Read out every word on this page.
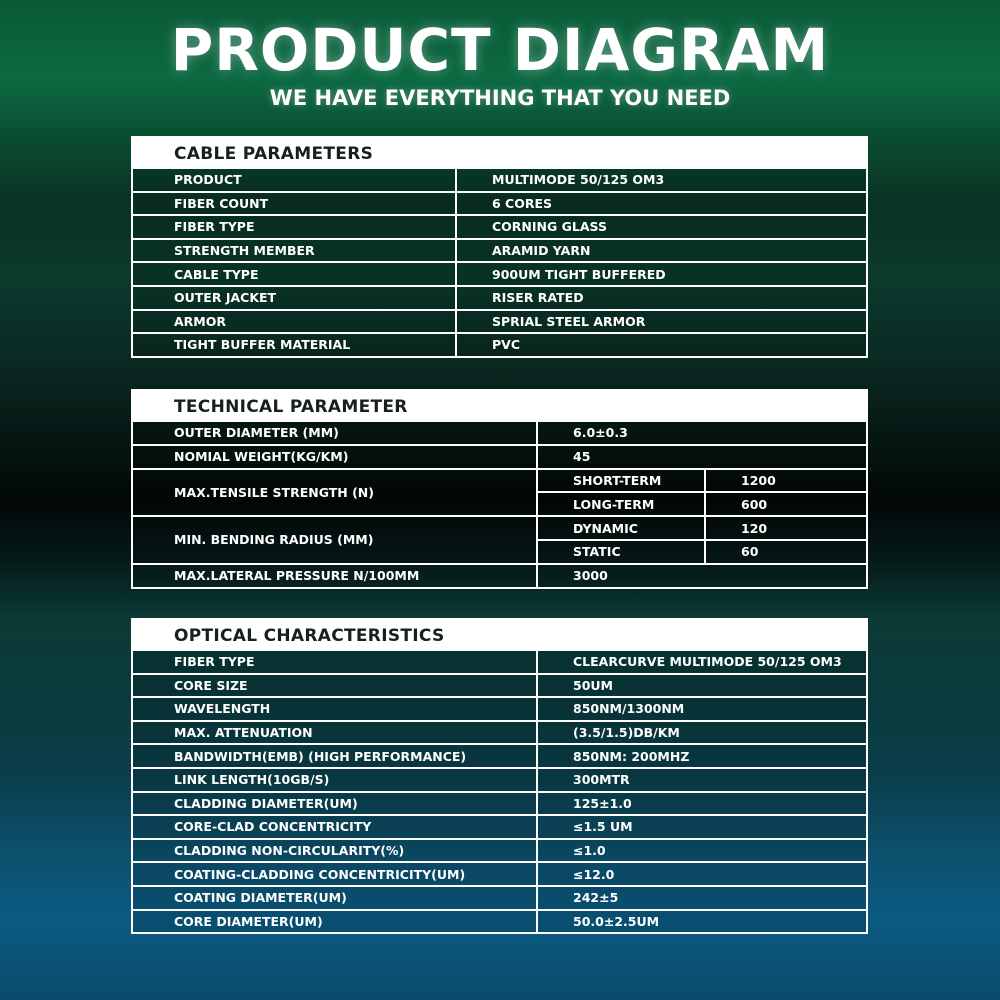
PRODUCT DIAGRAM
WE HAVE EVERYTHING THAT YOU NEED
CABLE PARAMETERS
PRODUCT	MULTIMODE 50/125 OM3
FIBER COUNT	6 CORES
FIBER TYPE	CORNING GLASS
STRENGTH MEMBER	ARAMID YARN
CABLE TYPE	900UM TIGHT BUFFERED
OUTER JACKET	RISER RATED
ARMOR	SPRIAL STEEL ARMOR
TIGHT BUFFER MATERIAL	PVC
TECHNICAL PARAMETER
OUTER DIAMETER (MM)	6.0±0.3	
NOMIAL WEIGHT(KG/KM)	45	
MAX.TENSILE STRENGTH (N)	SHORT-TERM	1200
	LONG-TERM	600
MIN. BENDING RADIUS (MM)	DYNAMIC	120
	STATIC	60
MAX.LATERAL PRESSURE N/100MM	3000	
OPTICAL CHARACTERISTICS
FIBER TYPE	CLEARCURVE MULTIMODE 50/125 OM3
CORE SIZE	50UM
WAVELENGTH	850NM/1300NM
MAX. ATTENUATION	(3.5/1.5)DB/KM
BANDWIDTH(EMB) (HIGH PERFORMANCE)	850NM: 200MHZ
LINK LENGTH(10GB/S)	300MTR
CLADDING DIAMETER(UM)	125±1.0
CORE-CLAD CONCENTRICITY	≤1.5 UM
CLADDING NON-CIRCULARITY(%)	≤1.0
COATING-CLADDING CONCENTRICITY(UM)	≤12.0
COATING DIAMETER(UM)	242±5
CORE DIAMETER(UM)	50.0±2.5UM
